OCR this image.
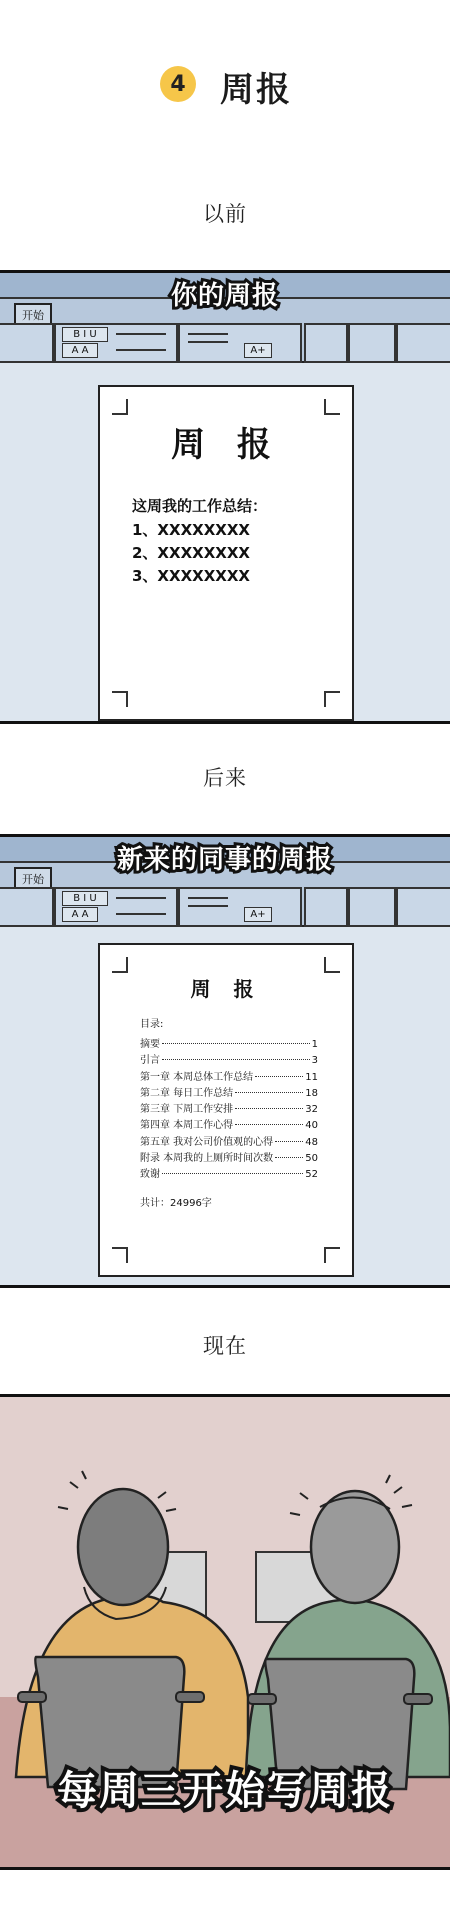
4	周报
以前
开始
B I U
A A	A+
你的周报
周 报
这周我的工作总结：
1、XXXXXXXX
2、XXXXXXXX
3、XXXXXXXX
后来
开始
B I U
A A	A+
新来的同事的周报
周 报
目录:
摘要	1
引言	3
第一章 本周总体工作总结	11
第二章 每日工作总结	18
第三章 下周工作安排	32
第四章 本周工作心得	40
第五章 我对公司价值观的心得	48
附录 本周我的上厕所时间次数	50
致谢	52
共计：24996字
现在
每周三开始写周报
